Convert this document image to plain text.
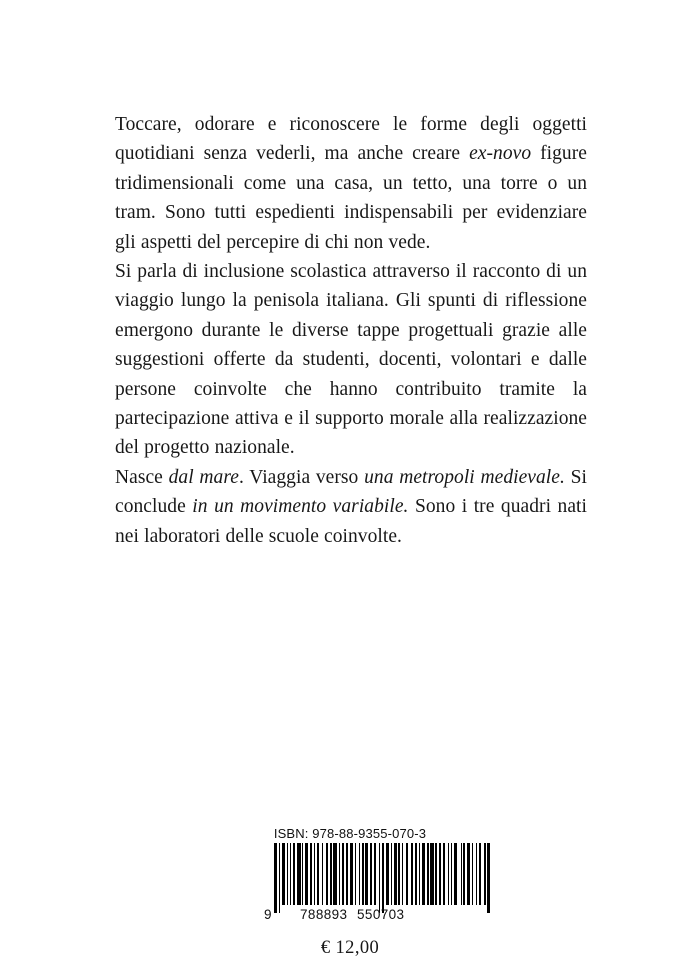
Toccare, odorare e riconoscere le forme degli oggetti quotidiani senza vederli, ma anche creare ex-novo figure tridimensionali come una casa, un tetto, una torre o un tram. Sono tutti espedienti indispensabili per evidenziare gli aspetti del percepire di chi non vede.

Si parla di inclusione scolastica attraverso il racconto di un viaggio lungo la penisola italiana. Gli spunti di riflessione emergono durante le diverse tappe progettuali grazie alle suggestioni offerte da studenti, docenti, volontari e dalle persone coinvolte che hanno contribuito tramite la partecipazione attiva e il supporto morale alla realizzazione del progetto nazionale.

Nasce dal mare. Viaggia verso una metropoli medievale. Si conclude in un movimento variabile. Sono i tre quadri nati nei laboratori delle scuole coinvolte.

ISBN: 978-88-9355-070-3
9 788893 550703
€ 12,00
